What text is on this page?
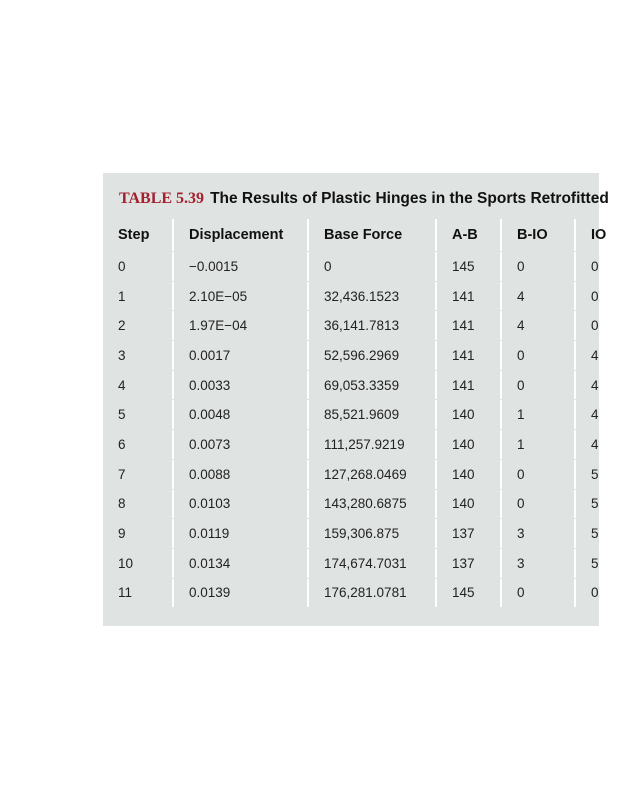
TABLE 5.39 The Results of Plastic Hinges in the Sports Retrofitted
Step	Displacement	Base Force	A-B	B-IO	IO
0	−0.0015	0	145	0	0
1	2.10E−05	32,436.1523	141	4	0
2	1.97E−04	36,141.7813	141	4	0
3	0.0017	52,596.2969	141	0	4
4	0.0033	69,053.3359	141	0	4
5	0.0048	85,521.9609	140	1	4
6	0.0073	111,257.9219	140	1	4
7	0.0088	127,268.0469	140	0	5
8	0.0103	143,280.6875	140	0	5
9	0.0119	159,306.875	137	3	5
10	0.0134	174,674.7031	137	3	5
11	0.0139	176,281.0781	145	0	0
